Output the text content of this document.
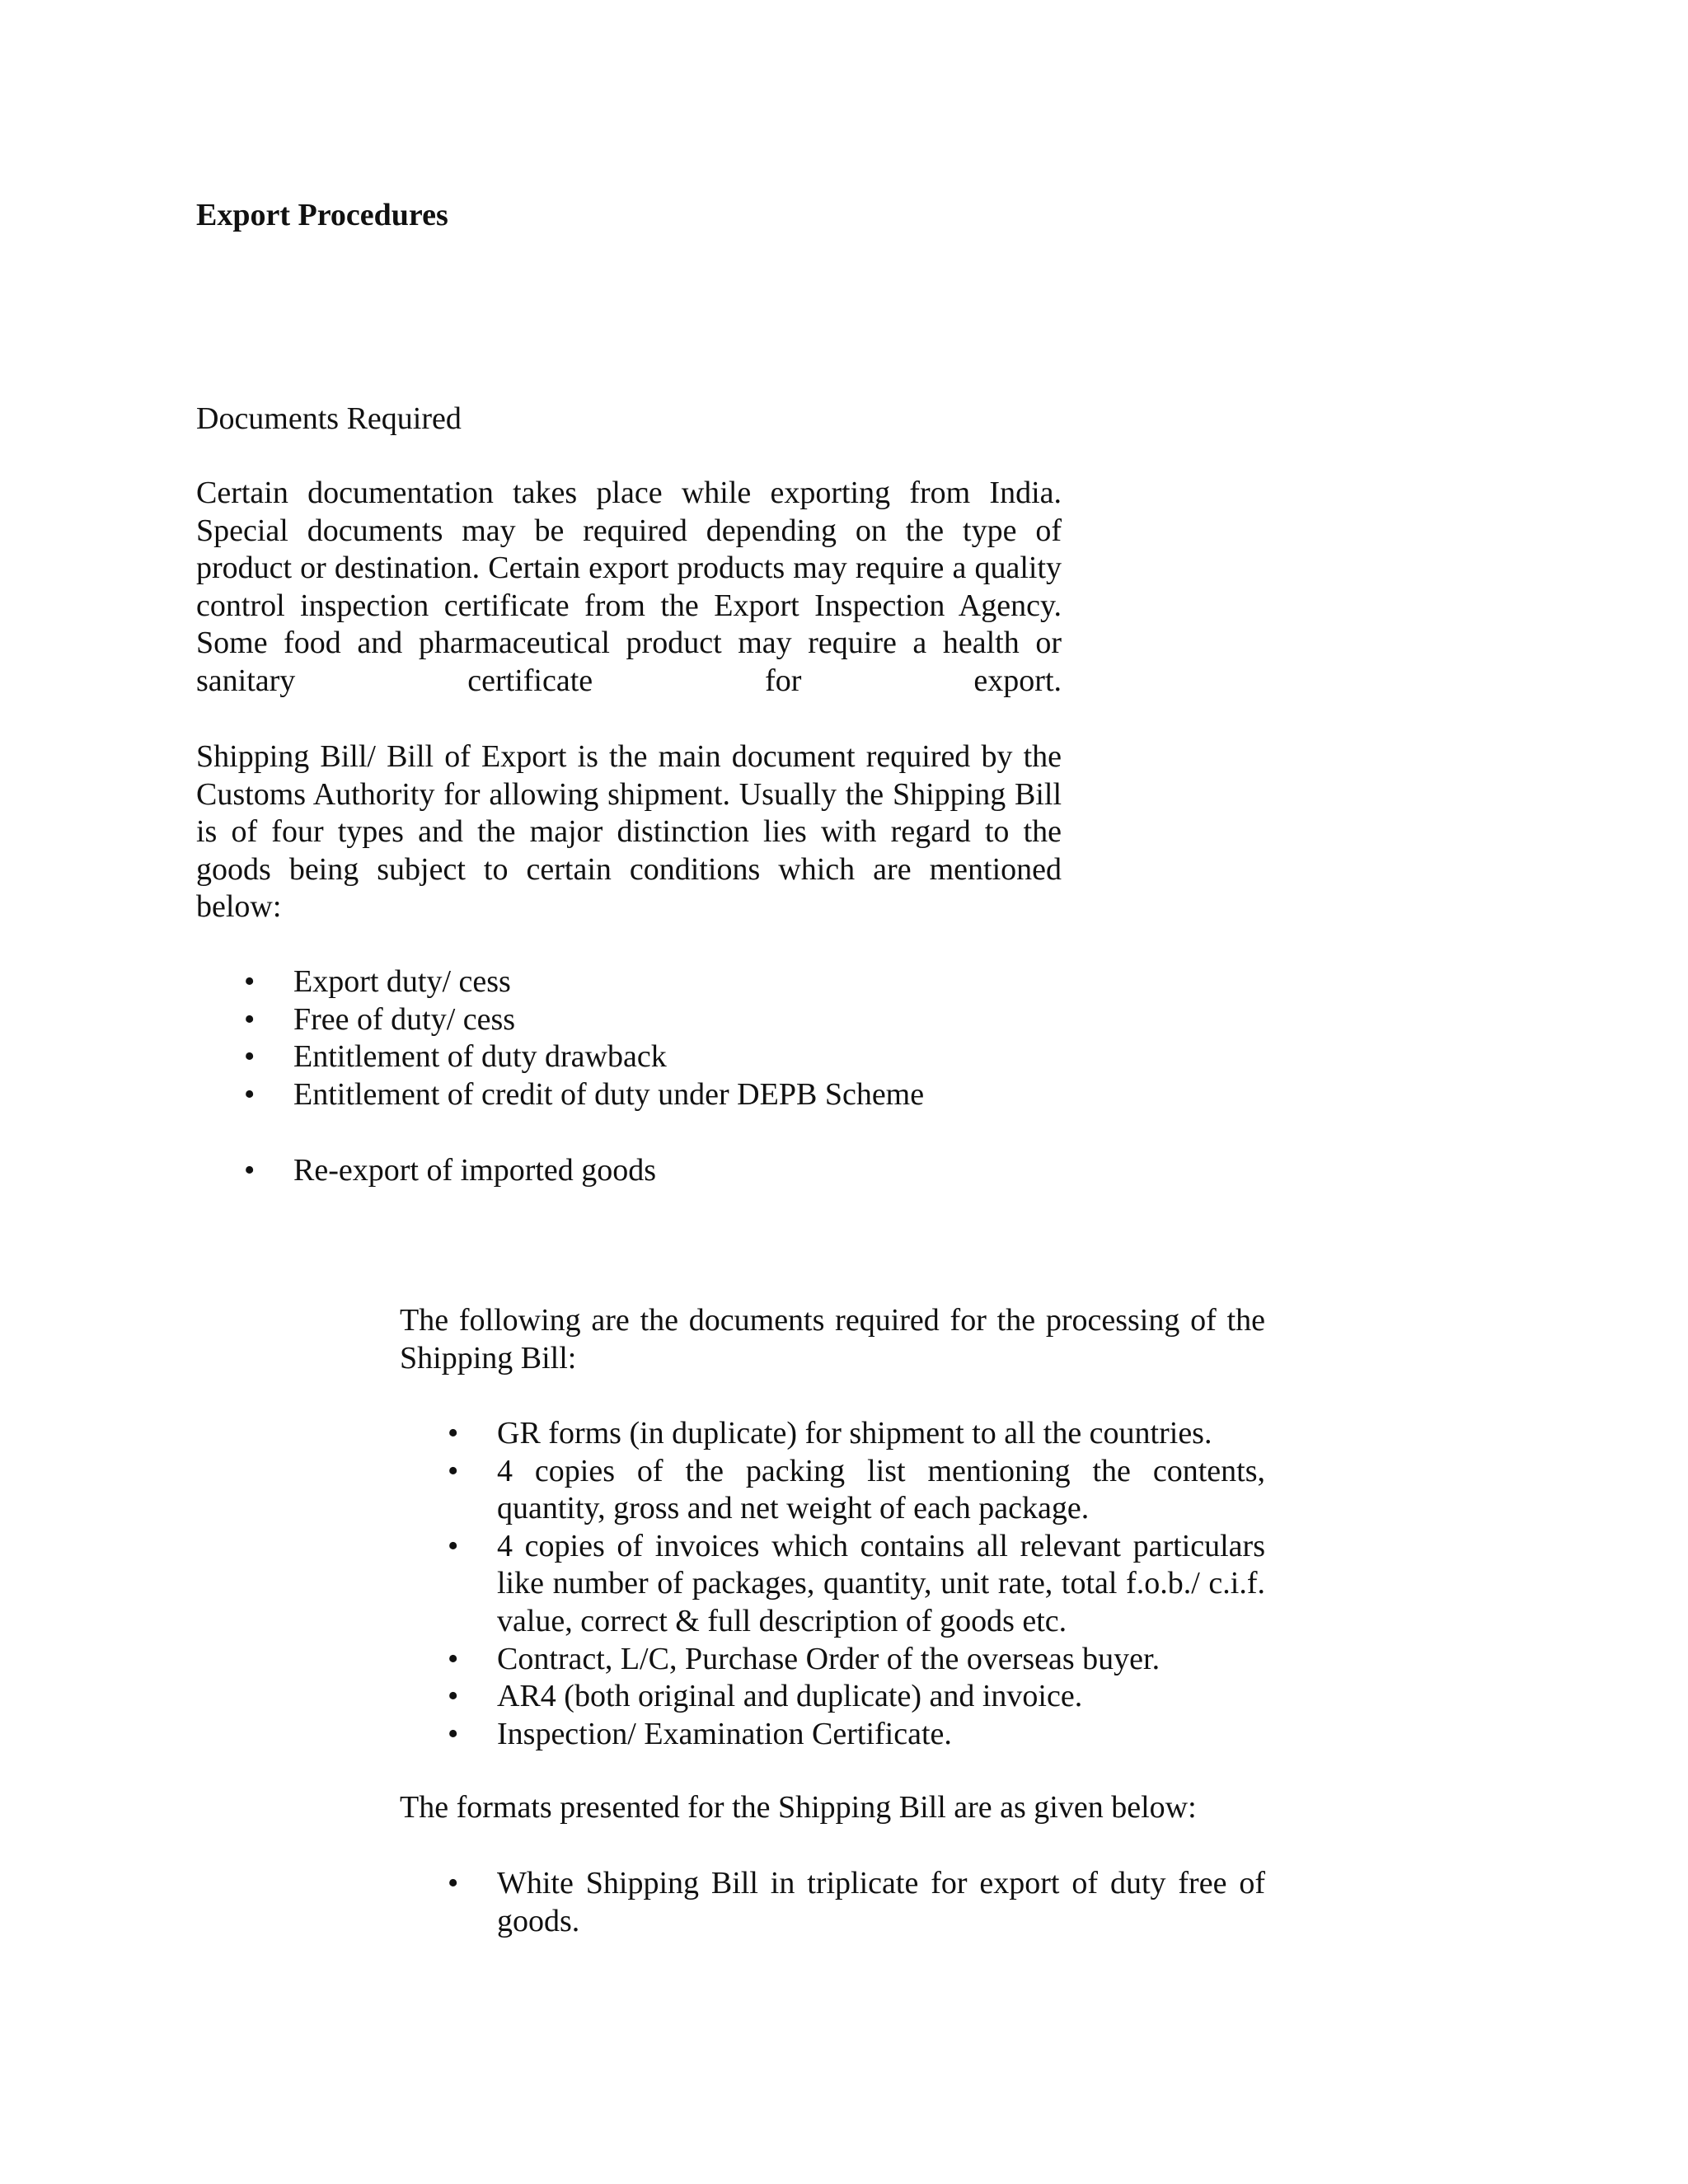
Export Procedures
Documents Required

Certain documentation takes place while exporting from India. Special documents may be required depending on the type of product or destination. Certain export products may require a quality control inspection certificate from the Export Inspection Agency. Some food and pharmaceutical product may require a health or sanitary certificate for export.

Shipping Bill/ Bill of Export is the main document required by the Customs Authority for allowing shipment. Usually the Shipping Bill is of four types and the major distinction lies with regard to the goods being subject to certain conditions which are mentioned below:

• Export duty/ cess
• Free of duty/ cess
• Entitlement of duty drawback
• Entitlement of credit of duty under DEPB Scheme
• Re-export of imported goods

The following are the documents required for the processing of the Shipping Bill:

• GR forms (in duplicate) for shipment to all the countries.
• 4 copies of the packing list mentioning the contents, quantity, gross and net weight of each package.
• 4 copies of invoices which contains all relevant particulars like number of packages, quantity, unit rate, total f.o.b./ c.i.f. value, correct & full description of goods etc.
• Contract, L/C, Purchase Order of the overseas buyer.
• AR4 (both original and duplicate) and invoice.
• Inspection/ Examination Certificate.

The formats presented for the Shipping Bill are as given below:

• White Shipping Bill in triplicate for export of duty free of goods.
